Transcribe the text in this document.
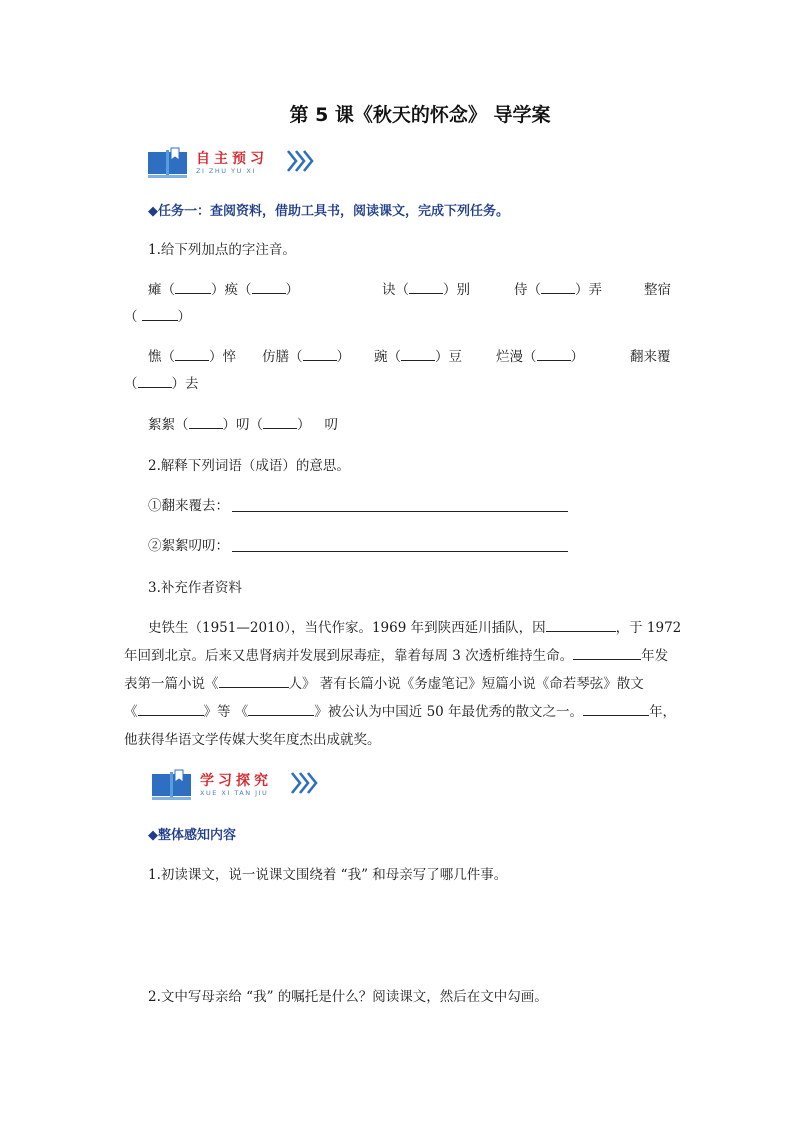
第 5 课《秋天的怀念》 导学案
自主预习
ZI ZHU YU XI
◆任务一：查阅资料，借助工具书，阅读课文，完成下列任务。
1.给下列加点的字注音。
瘫（	）痪（	）	诀（	）别	侍（	）弄	整宿
（	）
憔（	）悴 仿膳（	） 豌（	）豆	烂漫（	）	翻来覆
（	）去
絮絮（	）叨（	） 叨
2.解释下列词语（成语）的意思。
①翻来覆去：
②絮絮叨叨：
3.补充作者资料
史铁生（1951—2010），当代作家。1969 年到陕西延川插队，因	，于 1972
年回到北京。后来又患肾病并发展到尿毒症，靠着每周 3 次透析维持生命。	年发
表第一篇小说《	人》 著有长篇小说《务虚笔记》短篇小说《命若琴弦》散文
《	》等 《	》被公认为中国近 50 年最优秀的散文之一。	年，
他获得华语文学传媒大奖年度杰出成就奖。
学习探究
XUE XI TAN JIU
◆整体感知内容
1.初读课文，说一说课文围绕着 “我” 和母亲写了哪几件事。
2.文中写母亲给 “我” 的嘱托是什么？阅读课文，然后在文中勾画。
